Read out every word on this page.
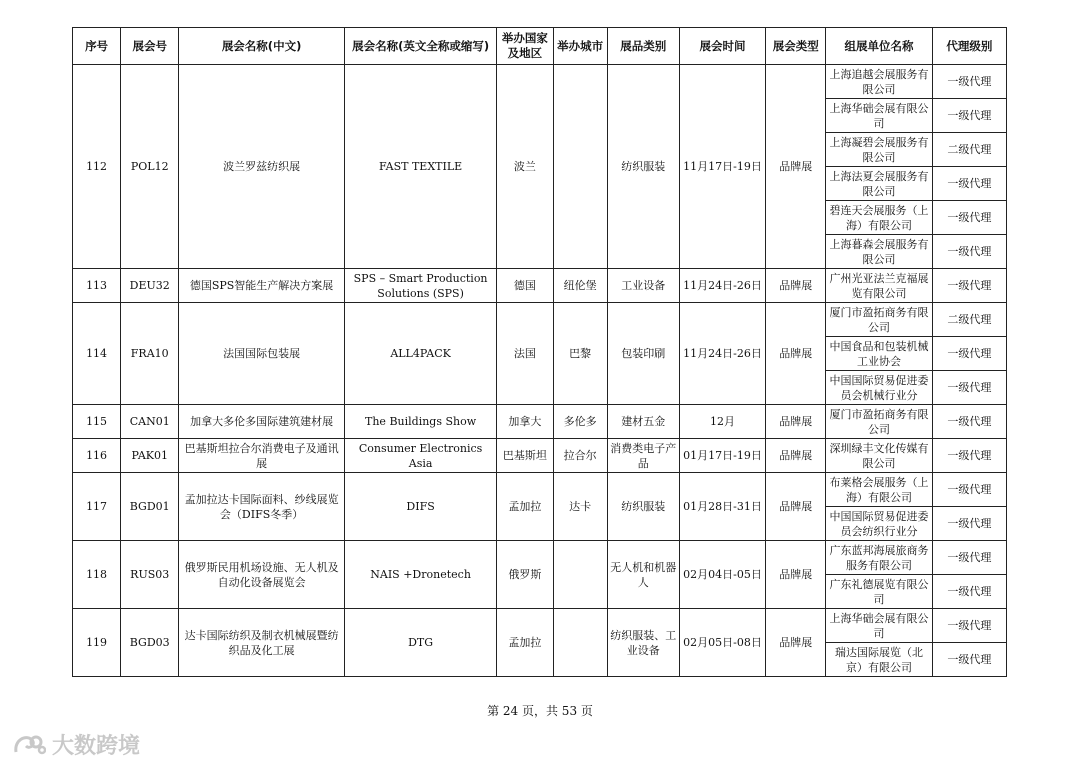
序号	展会号	展会名称(中文)	展会名称(英文全称或缩写)	举办国家及地区	举办城市	展品类别	展会时间	展会类型	组展单位名称	代理级别
112	POL12	波兰罗兹纺织展	FAST TEXTILE	波兰		纺织服装	11月17日-19日	品牌展	上海追越会展服务有限公司	一级代理
									上海华础会展有限公司	一级代理
									上海凝碧会展服务有限公司	二级代理
									上海法夏会展服务有限公司	一级代理
									碧连天会展服务（上海）有限公司	一级代理
									上海暮森会展服务有限公司	一级代理
113	DEU32	德国SPS智能生产解决方案展	SPS – Smart Production Solutions (SPS)	德国	纽伦堡	工业设备	11月24日-26日	品牌展	广州光亚法兰克福展览有限公司	一级代理
114	FRA10	法国国际包装展	ALL4PACK	法国	巴黎	包装印刷	11月24日-26日	品牌展	厦门市盈拓商务有限公司	二级代理
									中国食品和包装机械工业协会	一级代理
									中国国际贸易促进委员会机械行业分	一级代理
115	CAN01	加拿大多伦多国际建筑建材展	The Buildings Show	加拿大	多伦多	建材五金	12月	品牌展	厦门市盈拓商务有限公司	一级代理
116	PAK01	巴基斯坦拉合尔消费电子及通讯展	Consumer Electronics Asia	巴基斯坦	拉合尔	消费类电子产品	01月17日-19日	品牌展	深圳绿丰文化传媒有限公司	一级代理
117	BGD01	孟加拉达卡国际面料、纱线展览会（DIFS冬季）	DIFS	孟加拉	达卡	纺织服装	01月28日-31日	品牌展	布莱格会展服务（上海）有限公司	一级代理
									中国国际贸易促进委员会纺织行业分	一级代理
118	RUS03	俄罗斯民用机场设施、无人机及自动化设备展览会	NAIS +Dronetech	俄罗斯		无人机和机器人	02月04日-05日	品牌展	广东蓝邦海展旅商务服务有限公司	一级代理
									广东礼德展览有限公司	一级代理
119	BGD03	达卡国际纺织及制衣机械展暨纺织品及化工展	DTG	孟加拉		纺织服装、工业设备	02月05日-08日	品牌展	上海华础会展有限公司	一级代理
									瑞达国际展览（北京）有限公司	一级代理
第 24 页，共 53 页
大数跨境
